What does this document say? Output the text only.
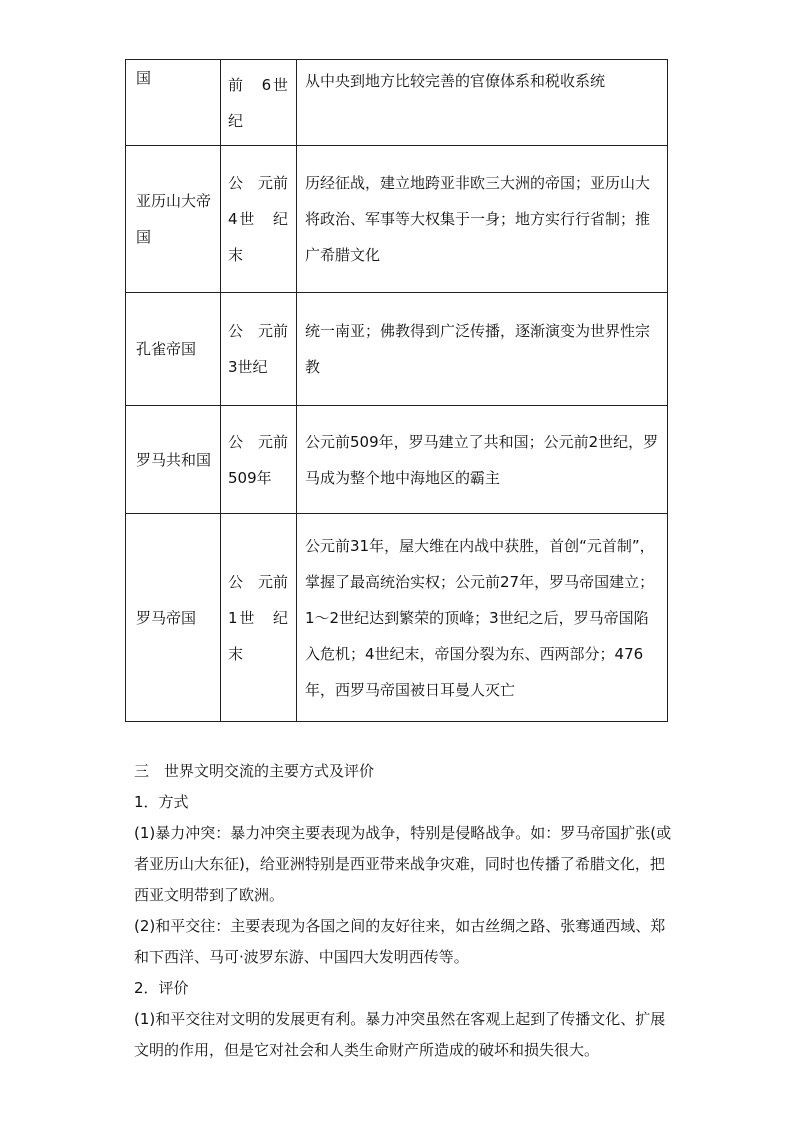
国	前　6世纪	从中央到地方比较完善的官僚体系和税收系统

亚历山大帝国	公　元前　4世　纪末	历经征战，建立地跨亚非欧三大洲的帝国；亚历山大将政治、军事等大权集于一身；地方实行行省制；推广希腊文化

孔雀帝国	公　元前　3世纪	统一南亚；佛教得到广泛传播，逐渐演变为世界性宗教

罗马共和国	公　元前509年	公元前509年，罗马建立了共和国；公元前2世纪，罗马成为整个地中海地区的霸主

罗马帝国	公　元前　1世　纪末	公元前31年，屋大维在内战中获胜，首创“元首制”，掌握了最高统治实权；公元前27年，罗马帝国建立；1～2世纪达到繁荣的顶峰；3世纪之后，罗马帝国陷入危机；4世纪末，帝国分裂为东、西两部分；476年，西罗马帝国被日耳曼人灭亡

三　世界文明交流的主要方式及评价

1．方式

(1)暴力冲突：暴力冲突主要表现为战争，特别是侵略战争。如：罗马帝国扩张(或者亚历山大东征)，给亚洲特别是西亚带来战争灾难，同时也传播了希腊文化，把西亚文明带到了欧洲。

(2)和平交往：主要表现为各国之间的友好往来，如古丝绸之路、张骞通西域、郑和下西洋、马可·波罗东游、中国四大发明西传等。

2．评价

(1)和平交往对文明的发展更有利。暴力冲突虽然在客观上起到了传播文化、扩展文明的作用，但是它对社会和人类生命财产所造成的破坏和损失很大。
